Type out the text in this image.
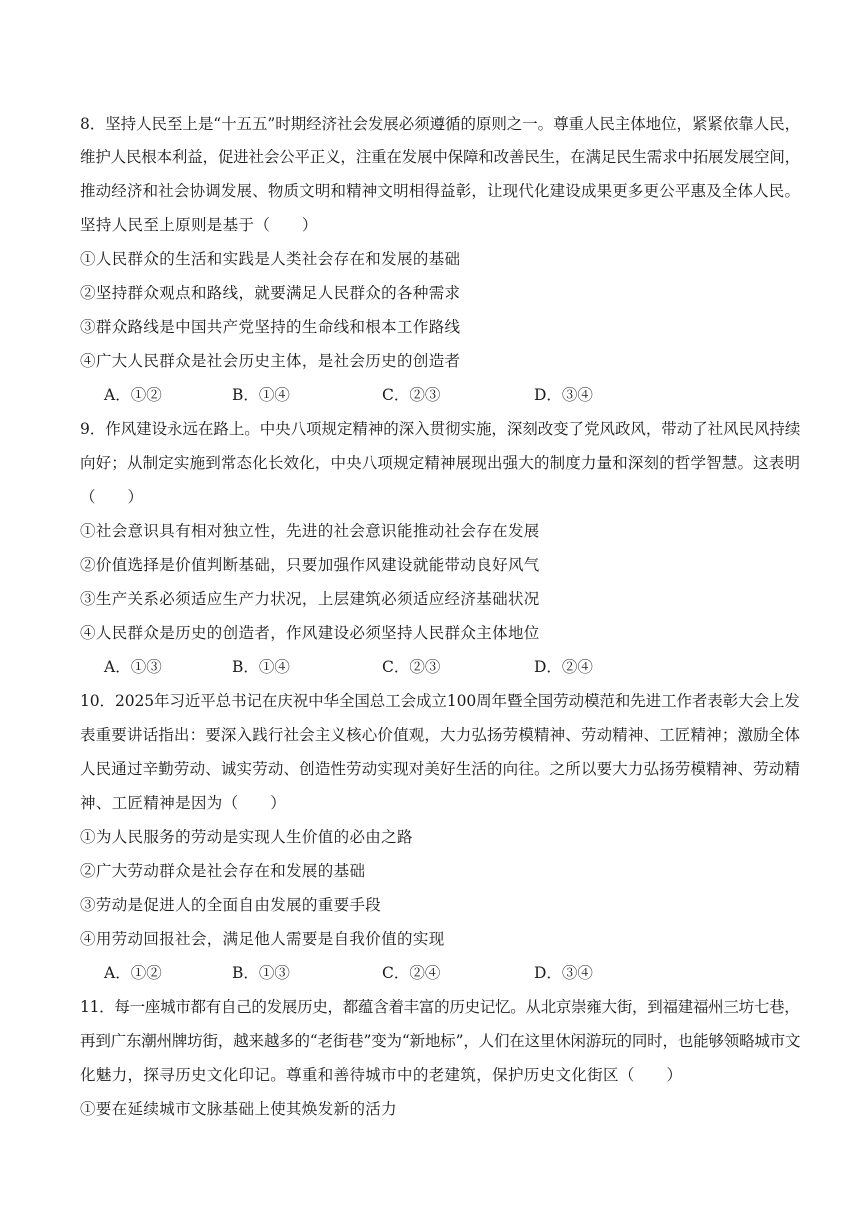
8．坚持人民至上是“十五五”时期经济社会发展必须遵循的原则之一。尊重人民主体地位，紧紧依靠人民，
维护人民根本利益，促进社会公平正义，注重在发展中保障和改善民生，在满足民生需求中拓展发展空间，
推动经济和社会协调发展、物质文明和精神文明相得益彰，让现代化建设成果更多更公平惠及全体人民。
坚持人民至上原则是基于（　　）
①人民群众的生活和实践是人类社会存在和发展的基础
②坚持群众观点和路线，就要满足人民群众的各种需求
③群众路线是中国共产党坚持的生命线和根本工作路线
④广大人民群众是社会历史主体，是社会历史的创造者
A．①②	B．①④	C．②③	D．③④
9．作风建设永远在路上。中央八项规定精神的深入贯彻实施，深刻改变了党风政风，带动了社风民风持续
向好；从制定实施到常态化长效化，中央八项规定精神展现出强大的制度力量和深刻的哲学智慧。这表明
（　　）
①社会意识具有相对独立性，先进的社会意识能推动社会存在发展
②价值选择是价值判断基础，只要加强作风建设就能带动良好风气
③生产关系必须适应生产力状况，上层建筑必须适应经济基础状况
④人民群众是历史的创造者，作风建设必须坚持人民群众主体地位
A．①③	B．①④	C．②③	D．②④
10．2025年习近平总书记在庆祝中华全国总工会成立100周年暨全国劳动模范和先进工作者表彰大会上发
表重要讲话指出：要深入践行社会主义核心价值观，大力弘扬劳模精神、劳动精神、工匠精神；激励全体
人民通过辛勤劳动、诚实劳动、创造性劳动实现对美好生活的向往。之所以要大力弘扬劳模精神、劳动精
神、工匠精神是因为（　　）
①为人民服务的劳动是实现人生价值的必由之路
②广大劳动群众是社会存在和发展的基础
③劳动是促进人的全面自由发展的重要手段
④用劳动回报社会，满足他人需要是自我价值的实现
A．①②	B．①③	C．②④	D．③④
11．每一座城市都有自己的发展历史，都蕴含着丰富的历史记忆。从北京崇雍大街，到福建福州三坊七巷，
再到广东潮州牌坊街，越来越多的“老街巷”变为“新地标”，人们在这里休闲游玩的同时，也能够领略城市文
化魅力，探寻历史文化印记。尊重和善待城市中的老建筑，保护历史文化街区（　　）
①要在延续城市文脉基础上使其焕发新的活力
